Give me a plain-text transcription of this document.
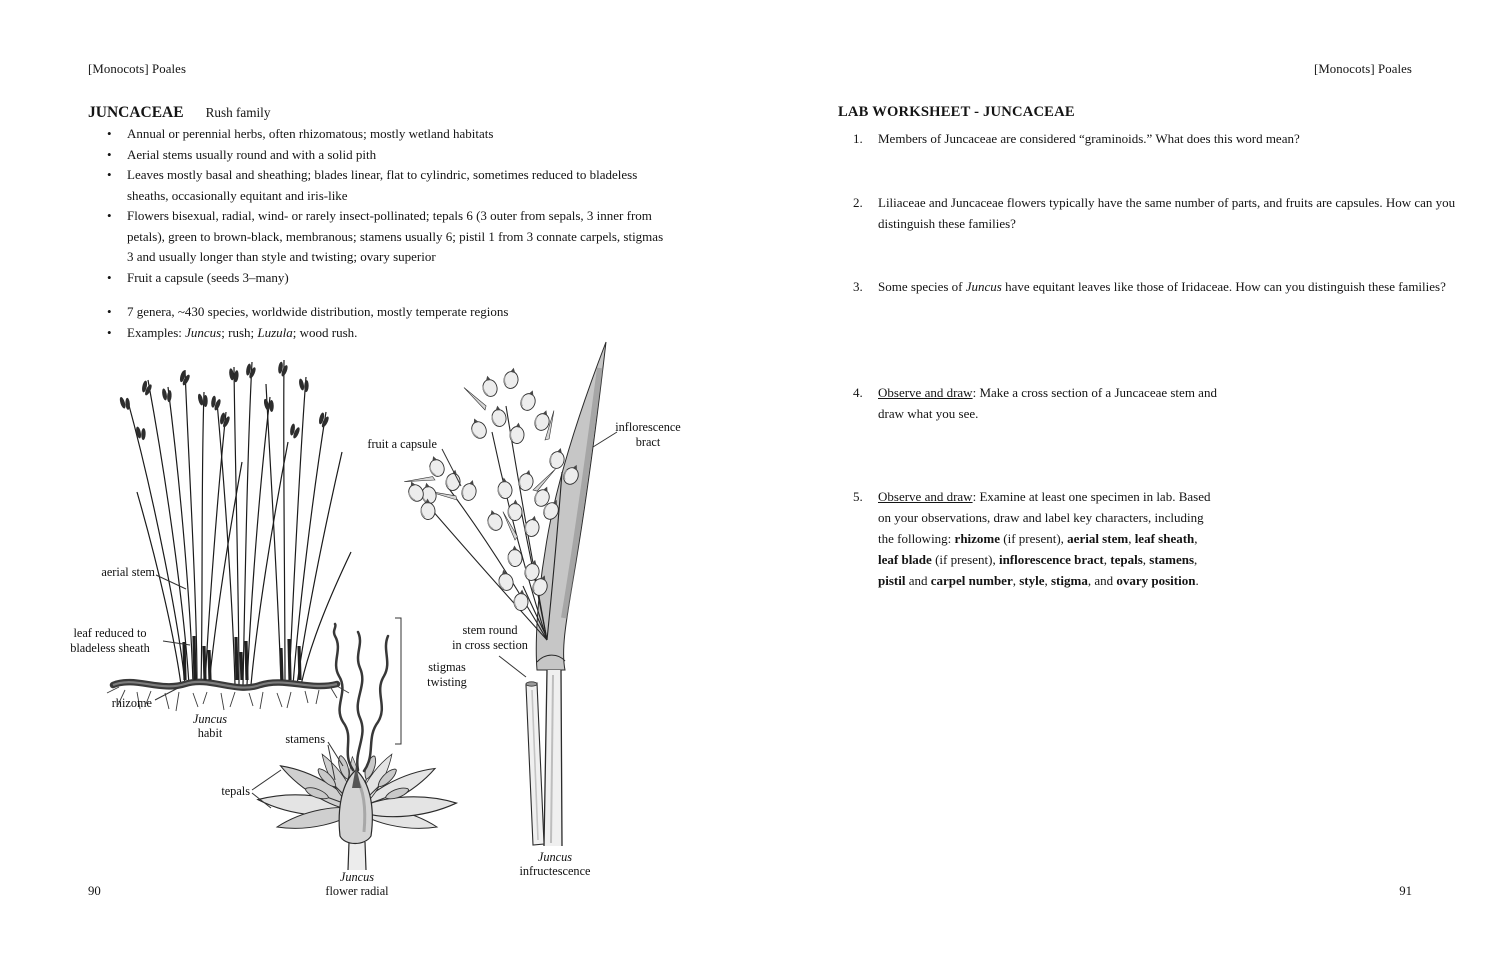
[Monocots] Poales	[Monocots] Poales
JUNCACEAE Rush family
• Annual or perennial herbs, often rhizomatous; mostly wetland habitats
• Aerial stems usually round and with a solid pith
• Leaves mostly basal and sheathing; blades linear, flat to cylindric, sometimes reduced to bladeless sheaths, occasionally equitant and iris-like
• Flowers bisexual, radial, wind- or rarely insect-pollinated; tepals 6 (3 outer from sepals, 3 inner from petals), green to brown-black, membranous; stamens usually 6; pistil 1 from 3 connate carpels, stigmas 3 and usually longer than style and twisting; ovary superior
• Fruit a capsule (seeds 3–many)
• 7 genera, ~430 species, worldwide distribution, mostly temperate regions
• Examples: Juncus; rush; Luzula; wood rush.
fruit a capsule
inflorescence
bract
aerial stem
leaf reduced to
bladeless sheath
rhizome
stamens
tepals
stigmas
twisting
stem round
in cross section
Juncus
habit
Juncus
infructescence
Juncus
flower radial
LAB WORKSHEET - JUNCACEAE
1.	Members of Juncaceae are considered “graminoids.” What does this word mean?
2.	Liliaceae and Juncaceae flowers typically have the same number of parts, and fruits are capsules. How can you distinguish these families?
3.	Some species of Juncus have equitant leaves like those of Iridaceae. How can you distinguish these families?
4.	Observe and draw: Make a cross section of a Juncaceae stem and draw what you see.
5.	Observe and draw: Examine at least one specimen in lab. Based on your observations, draw and label key characters, including the following: rhizome (if present), aerial stem, leaf sheath, leaf blade (if present), inflorescence bract, tepals, stamens, pistil and carpel number, style, stigma, and ovary position.
90	91
